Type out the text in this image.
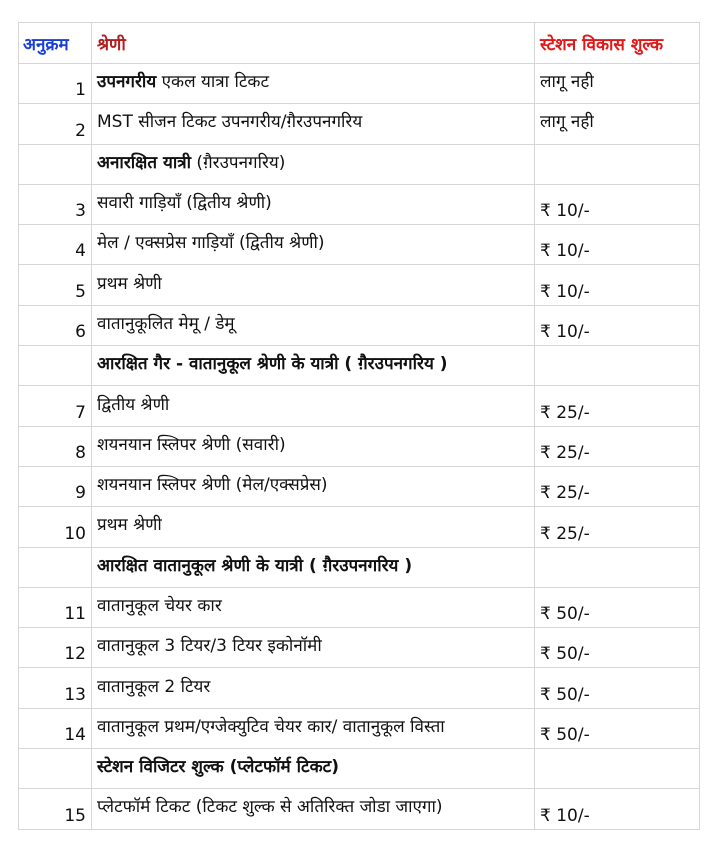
अनुक्रम	श्रेणी	स्टेशन विकास शुल्क
1	उपनगरीय एकल यात्रा टिकट	लागू नही
2	MST सीजन टिकट उपनगरीय/ग़ैरउपनगरिय	लागू नही
	अनारक्षित यात्री (ग़ैरउपनगरिय)	
3	सवारी गाड़ियाँ (द्वितीय श्रेणी)	₹ 10/-
4	मेल / एक्सप्रेस गाड़ियाँ (द्वितीय श्रेणी)	₹ 10/-
5	प्रथम श्रेणी	₹ 10/-
6	वातानुकूलित मेमू / डेमू	₹ 10/-
	आरक्षित गैर - वातानुकूल श्रेणी के यात्री ( ग़ैरउपनगरिय )	
7	द्वितीय श्रेणी	₹ 25/-
8	शयनयान स्लिपर श्रेणी (सवारी)	₹ 25/-
9	शयनयान स्लिपर श्रेणी (मेल/एक्सप्रेस)	₹ 25/-
10	प्रथम श्रेणी	₹ 25/-
	आरक्षित वातानुकूल श्रेणी के यात्री ( ग़ैरउपनगरिय )	
11	वातानुकूल चेयर कार	₹ 50/-
12	वातानुकूल 3 टियर/3 टियर इकोनॉमी	₹ 50/-
13	वातानुकूल 2 टियर	₹ 50/-
14	वातानुकूल प्रथम/एग्जेक्युटिव चेयर कार/ वातानुकूल विस्ता	₹ 50/-
	स्टेशन विजिटर शुल्क (प्लेटफॉर्म टिकट)	
15	प्लेटफॉर्म टिकट (टिकट शुल्क से अतिरिक्त जोडा जाएगा)	₹ 10/-
